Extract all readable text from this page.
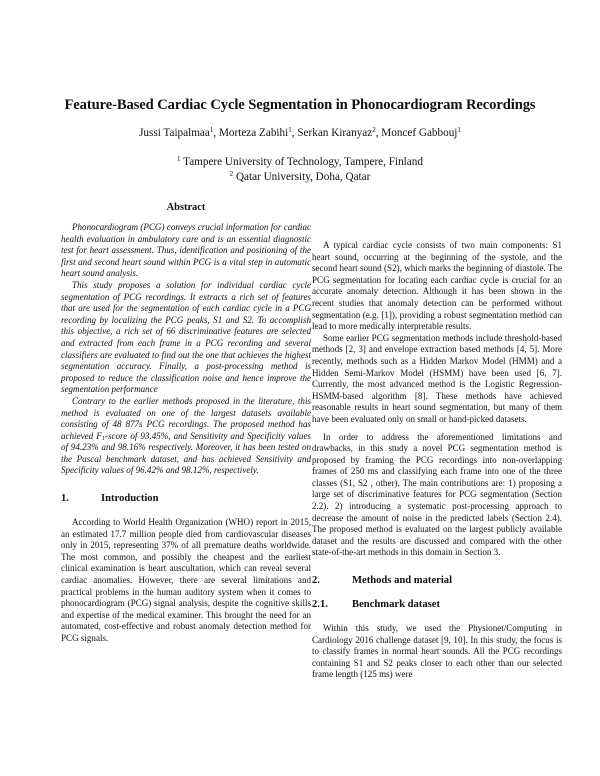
Feature-Based Cardiac Cycle Segmentation in Phonocardiogram Recordings
Jussi Taipalmaa$^1$, Morteza Zabihi$^1$, Serkan Kiranyaz$^2$, Moncef Gabbouj$^1$
$^1$ Tampere University of Technology, Tampere, Finland
$^2$ Qatar University, Doha, Qatar
Abstract

Phonocardiogram (PCG) conveys crucial information for cardiac health evaluation in ambulatory care and is an essential diagnostic test for heart assessment. Thus, identification and positioning of the first and second heart sound within PCG is a vital step in automatic heart sound analysis.

This study proposes a solution for individual cardiac cycle segmentation of PCG recordings. It extracts a rich set of features that are used for the segmentation of each cardiac cycle in a PCG recording by localizing the PCG peaks, S1 and S2. To accomplish this objective, a rich set of 66 discriminative features are selected and extracted from each frame in a PCG recording and several classifiers are evaluated to find out the one that achieves the highest segmentation accuracy. Finally, a post-processing method is proposed to reduce the classification noise and hence improve the segmentation performance

Contrary to the earlier methods proposed in the literature, this method is evaluated on one of the largest datasets available consisting of 48 877s PCG recordings. The proposed method has achieved $F_1$-score of 93.45%, and Sensitivity and Specificity values of 94.23% and 98.16% respectively. Moreover, it has been tested on the Pascal benchmark dataset, and has achieved Sensitivity and Specificity values of 96.42% and 98.12%, respectively.

1.	Introduction

According to World Health Organization (WHO) report in 2015, an estimated 17.7 million people died from cardiovascular diseases only in 2015, representing 37% of all premature deaths worldwide. The most common, and possibly the cheapest and the earliest clinical examination is heart auscultation, which can reveal several cardiac anomalies. However, there are several limitations and practical problems in the human auditory system when it comes to phonocardiogram (PCG) signal analysis, despite the cognitive skills and expertise of the medical examiner. This brought the need for an automated, cost-effective and robust anomaly detection method for PCG signals.

A typical cardiac cycle consists of two main components: S1 heart sound, occurring at the beginning of the systole, and the second heart sound (S2), which marks the beginning of diastole. The PCG segmentation for locating each cardiac cycle is crucial for an accurate anomaly detection. Although it has been shown in the recent studies that anomaly detection can be performed without segmentation (e.g. [1]), providing a robust segmentation method can lead to more medically interpretable results.

Some earlier PCG segmentation methods include threshold-based methods [2, 3] and envelope extraction based methods [4, 5]. More recently, methods such as a Hidden Markov Model (HMM) and a Hidden Semi-Markov Model (HSMM) have been used [6, 7]. Currently, the most advanced method is the Logistic Regression-HSMM-based algorithm [8]. These methods have achieved reasonable results in heart sound segmentation, but many of them have been evaluated only on small or hand-picked datasets.

In order to address the aforementioned limitations and drawbacks, in this study a novel PCG segmentation method is proposed by framing the PCG recordings into non-overlapping frames of 250 ms and classifying each frame into one of the three classes (S1, S2 , other). The main contributions are: 1) proposing a large set of discriminative features for PCG segmentation (Section 2.2). 2) introducing a systematic post-processing approach to decrease the amount of noise in the predicted labels (Section 2.4). The proposed method is evaluated on the largest publicly available dataset and the results are discussed and compared with the other state-of-the-art methods in this domain in Section 3.

2.	Methods and material
2.1. Benchmark dataset

Within this study, we used the Physionet/Computing in Cardiology 2016 challenge dataset [9, 10]. In this study, the focus is to classify frames in normal heart sounds. All the PCG recordings containing S1 and S2 peaks closer to each other than our selected frame length (125 ms) were
